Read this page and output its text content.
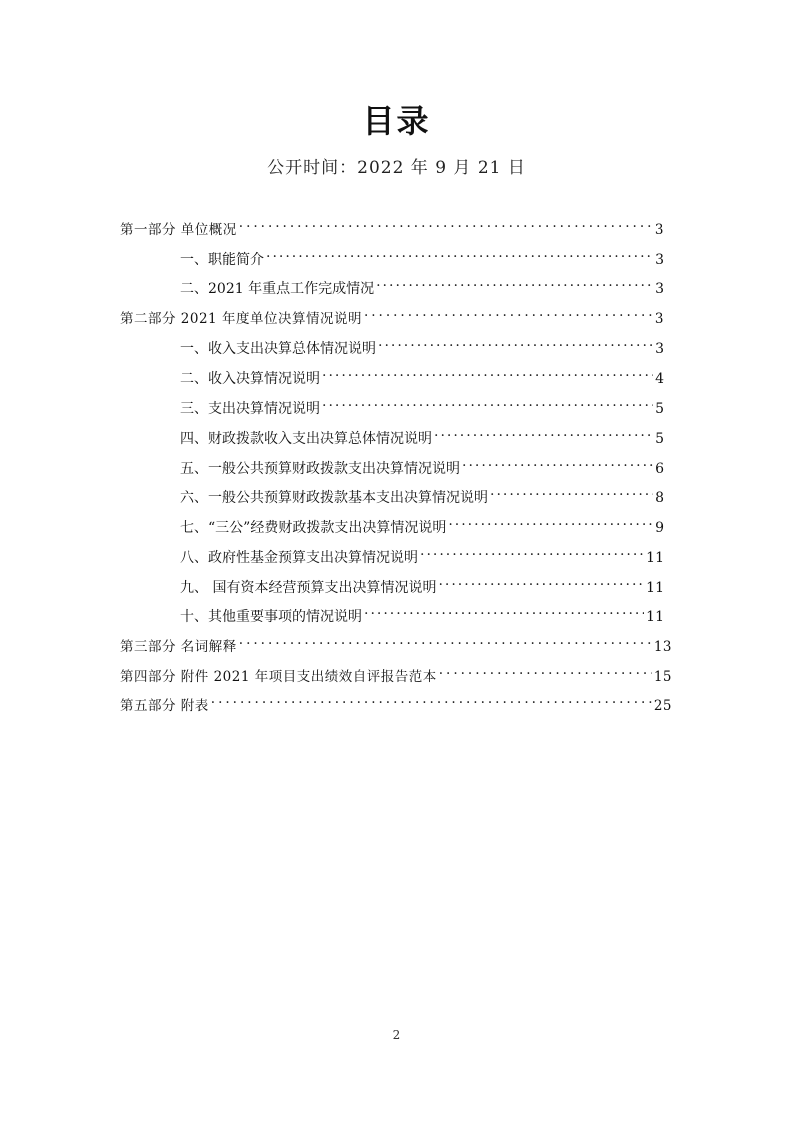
目录
公开时间：2022 年 9 月 21 日
第一部分 单位概况 .....	3
一、职能简介 .....	3
二、2021 年重点工作完成情况 .....	3
第二部分 2021 年度单位决算情况说明 .....	3
一、收入支出决算总体情况说明 .....	3
二、收入决算情况说明 .....	4
三、支出决算情况说明 .....	5
四、财政拨款收入支出决算总体情况说明 .....	5
五、一般公共预算财政拨款支出决算情况说明 .....	6
六、一般公共预算财政拨款基本支出决算情况说明 .....	8
七、“三公”经费财政拨款支出决算情况说明 .....	9
八、政府性基金预算支出决算情况说明 .....	11
九、 国有资本经营预算支出决算情况说明 .....	11
十、其他重要事项的情况说明 .....	11
第三部分 名词解释 .....	13
第四部分 附件 2021 年项目支出绩效自评报告范本 .....	15
第五部分 附表 .....	25
2
